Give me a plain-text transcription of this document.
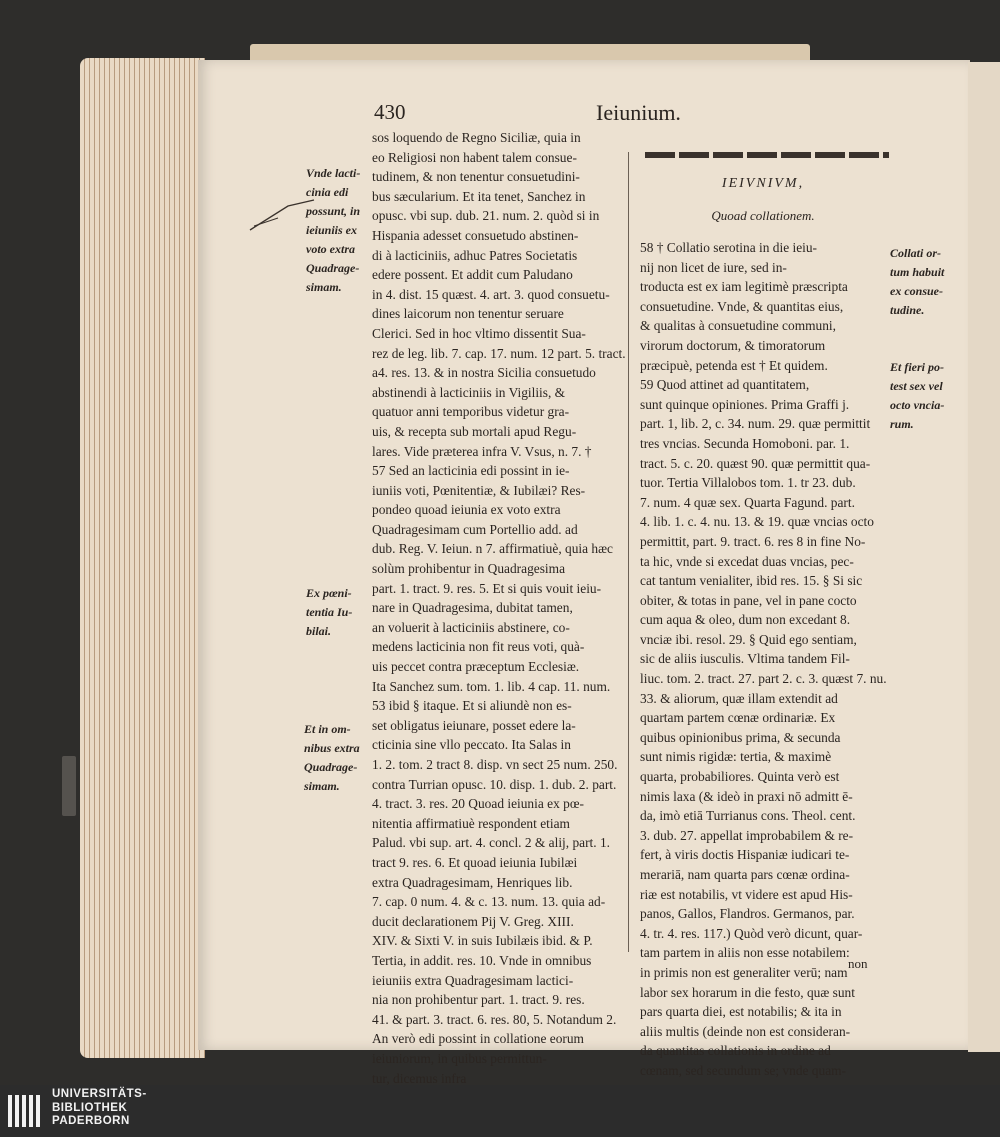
430	Ieiunium.
Vnde lacti-
cinia edi
possunt, in
ieiuniis ex
voto extra
Quadrage-
simam.
Ex pœni-
tentia Iu-
bilai.
Et in om-
nibus extra
Quadrage-
simam.
Collati or-
tum habuit
ex consue-
tudine.
Et fieri po-
test sex vel
octo vncia-
rum.
sos loquendo de Regno Siciliæ, quia in
eo Religiosi non habent talem consue-
tudinem, & non tenentur consuetudini-
bus sæcularium. Et ita tenet, Sanchez in
opusc. vbi sup. dub. 21. num. 2. quòd si in
Hispania adesset consuetudo abstinen-
di à lacticiniis, adhuc Patres Societatis
edere possent. Et addit cum Paludano
in 4. dist. 15 quæst. 4. art. 3. quod consuetu-
dines laicorum non tenentur seruare
Clerici. Sed in hoc vltimo dissentit Sua-
rez de leg. lib. 7. cap. 17. num. 12 part. 5. tract.
a4. res. 13. & in nostra Sicilia consuetudo
abstinendi à lacticiniis in Vigiliis, &
quatuor anni temporibus videtur gra-
uis, & recepta sub mortali apud Regu-
lares. Vide præterea infra V. Vsus, n. 7. †
57 Sed an lacticinia edi possint in ie-
iuniis voti, Pœnitentiæ, & Iubilæi? Res-
pondeo quoad ieiunia ex voto extra
Quadragesimam cum Portellio add. ad
dub. Reg. V. Ieiun. n 7. affirmatiuè, quia hæc
solùm prohibentur in Quadragesima
part. 1. tract. 9. res. 5. Et si quis vouit ieiu-
nare in Quadragesima, dubitat tamen,
an voluerit à lacticiniis abstinere, co-
medens lacticinia non fit reus voti, quà-
uis peccet contra præceptum Ecclesiæ.
Ita Sanchez sum. tom. 1. lib. 4 cap. 11. num.
53 ibid § itaque. Et si aliundè non es-
set obligatus ieiunare, posset edere la-
cticinia sine vllo peccato. Ita Salas in
1. 2. tom. 2 tract 8. disp. vn sect 25 num. 250.
contra Turrian opusc. 10. disp. 1. dub. 2. part.
4. tract. 3. res. 20 Quoad ieiunia ex pœ-
nitentia affirmatiuè respondent etiam
Palud. vbi sup. art. 4. concl. 2 & alij, part. 1.
tract 9. res. 6. Et quoad ieiunia Iubilæi
extra Quadragesimam, Henriques lib.
7. cap. 0 num. 4. & c. 13. num. 13. quia ad-
ducit declarationem Pij V. Greg. XIII.
XIV. & Sixti V. in suis Iubilæis ibid. & P.
Tertia, in addit. res. 10. Vnde in omnibus
ieiuniis extra Quadragesimam lactici-
nia non prohibentur part. 1. tract. 9. res.
41. & part. 3. tract. 6. res. 80, 5. Notandum 2.
An verò edi possint in collatione eorum
ieiuniorum, in quibus permittun-
tur, dicemus infra
IEIVNIVM,
Quoad collationem.
58 † Collatio serotina in die ieiu-
nij non licet de iure, sed in-
troducta est ex iam legitimè præscripta
consuetudine. Vnde, & quantitas eius,
& qualitas à consuetudine communi,
virorum doctorum, & timoratorum
præcipuè, petenda est † Et quidem.
59 Quod attinet ad quantitatem,
sunt quinque opiniones. Prima Graffi j.
part. 1, lib. 2, c. 34. num. 29. quæ permittit
tres vncias. Secunda Homoboni. par. 1.
tract. 5. c. 20. quæst 90. quæ permittit qua-
tuor. Tertia Villalobos tom. 1. tr 23. dub.
7. num. 4 quæ sex. Quarta Fagund. part.
4. lib. 1. c. 4. nu. 13. & 19. quæ vncias octo
permittit, part. 9. tract. 6. res 8 in fine No-
ta hic, vnde si excedat duas vncias, pec-
cat tantum venialiter, ibid res. 15. § Si sic
obiter, & totas in pane, vel in pane cocto
cum aqua & oleo, dum non excedant 8.
vnciæ ibi. resol. 29. § Quid ego sentiam,
sic de aliis iusculis. Vltima tandem Fil-
liuc. tom. 2. tract. 27. part 2. c. 3. quæst 7. nu.
33. & aliorum, quæ illam extendit ad
quartam partem cœnæ ordinariæ. Ex
quibus opinionibus prima, & secunda
sunt nimis rigidæ: tertia, & maximè
quarta, probabiliores. Quinta verò est
nimis laxa (& ideò in praxi nō admitt ē-
da, imò etiā Turrianus cons. Theol. cent.
3. dub. 27. appellat improbabilem & re-
fert, à viris doctis Hispaniæ iudicari te-
merariā, nam quarta pars cœnæ ordina-
riæ est notabilis, vt videre est apud His-
panos, Gallos, Flandros. Germanos, par.
4. tr. 4. res. 117.) Quòd verò dicunt, quar-
tam partem in aliis non esse notabilem:
in primis non est generaliter verū; nam
labor sex horarum in die festo, quæ sunt
pars quarta diei, est notabilis; & ita in
aliis multis (deinde non est consideran-
da quantitas collationis in ordine ad
cœnam, sed secundum se; vnde quam-
non
UNIVERSITÄTS-
BIBLIOTHEK
PADERBORN
